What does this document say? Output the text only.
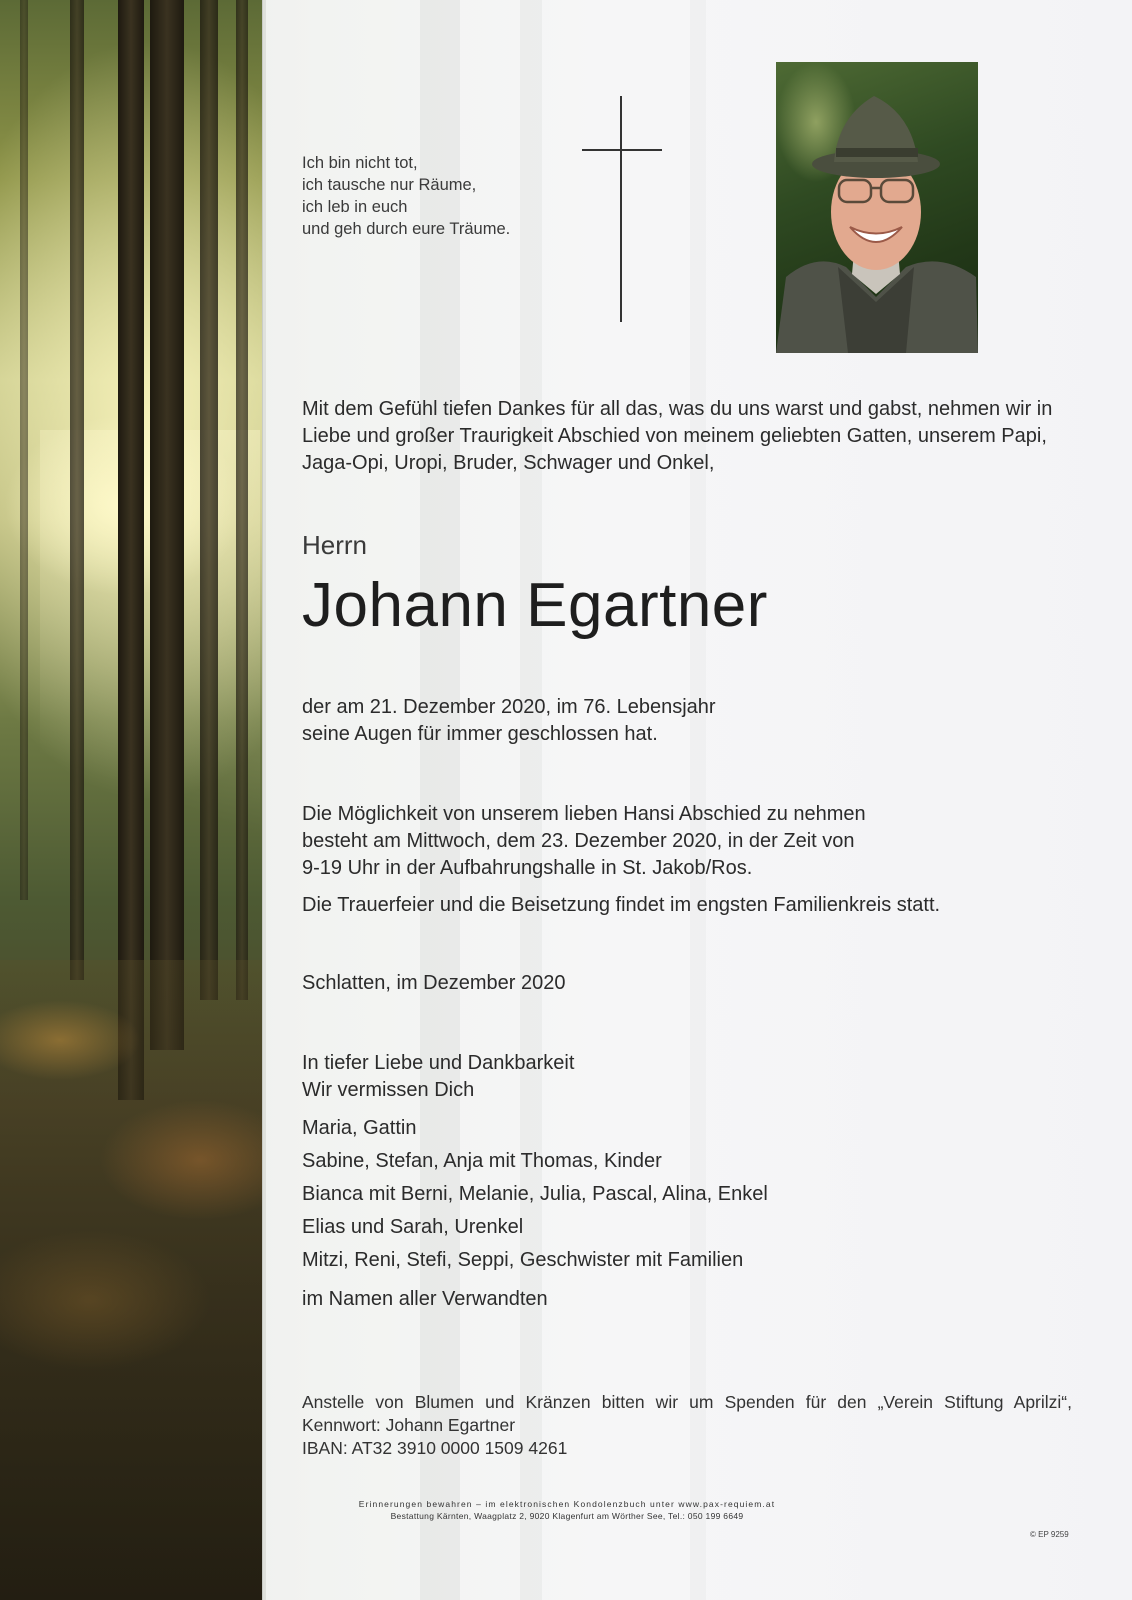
Ich bin nicht tot,
ich tausche nur Räume,
ich leb in euch
und geh durch eure Träume.
Mit dem Gefühl tiefen Dankes für all das, was du uns warst und gabst, nehmen wir in Liebe und großer Traurigkeit Abschied von meinem geliebten Gatten, unserem Papi, Jaga-Opi, Uropi, Bruder, Schwager und Onkel,
Herrn
Johann Egartner
der am 21. Dezember 2020, im 76. Lebensjahr
seine Augen für immer geschlossen hat.
Die Möglichkeit von unserem lieben Hansi Abschied zu nehmen
besteht am Mittwoch, dem 23. Dezember 2020, in der Zeit von
9-19 Uhr in der Aufbahrungshalle in St. Jakob/Ros.
Die Trauerfeier und die Beisetzung findet im engsten Familienkreis statt.
Schlatten, im Dezember 2020
In tiefer Liebe und Dankbarkeit
Wir vermissen Dich
Maria, Gattin
Sabine, Stefan, Anja mit Thomas, Kinder
Bianca mit Berni, Melanie, Julia, Pascal, Alina, Enkel
Elias und Sarah, Urenkel
Mitzi, Reni, Stefi, Seppi, Geschwister mit Familien
im Namen aller Verwandten
Anstelle von Blumen und Kränzen bitten wir um Spenden für den „Verein Stiftung Aprilzi“,
Kennwort: Johann Egartner
IBAN: AT32 3910 0000 1509 4261
Erinnerungen bewahren – im elektronischen Kondolenzbuch unter www.pax-requiem.at
Bestattung Kärnten, Waagplatz 2, 9020 Klagenfurt am Wörther See, Tel.: 050 199 6649
© EP 9259
